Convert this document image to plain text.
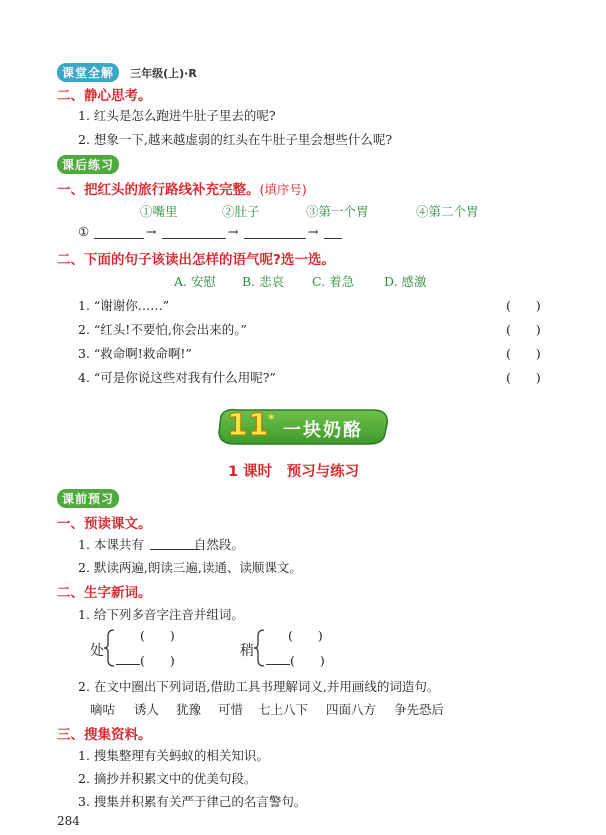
课堂全解 三年级(上)·R
二、静心思考。
1. 红头是怎么跑进牛肚子里去的呢?
2. 想象一下,越来越虚弱的红头在牛肚子里会想些什么呢?
课后练习
一、把红头的旅行路线补充完整。(填序号)
①嘴里	②肚子	③第一个胃	④第二个胃
①	→	→	→
二、下面的句子该读出怎样的语气呢?选一选。
A. 安慰 B. 悲哀 C. 着急 D. 感激
1. “谢谢你……”	(　　)
2. “红头!不要怕,你会出来的。”	(　　)
3. “救命啊!救命啊!”	(　　)
4. “可是你说这些对我有什么用呢?”	(　　)
11 *
一块奶酪
1 课时　预习与练习
课前预习
一、预读课文。
1. 本课共有　　　　自然段。
2. 默读两遍,朗读三遍,读通、读顺课文。
二、生字新词。
1. 给下列多音字注音并组词。
处
(　　)
(　　)
稍
(　　)
(　　)
2. 在文中圈出下列词语,借助工具书理解词义,并用画线的词造句。
嘀咕 诱人 犹豫 可惜 七上八下 四面八方 争先恐后
三、搜集资料。
1. 搜集整理有关蚂蚁的相关知识。
2. 摘抄并积累文中的优美句段。
3. 搜集并积累有关严于律己的名言警句。
284
